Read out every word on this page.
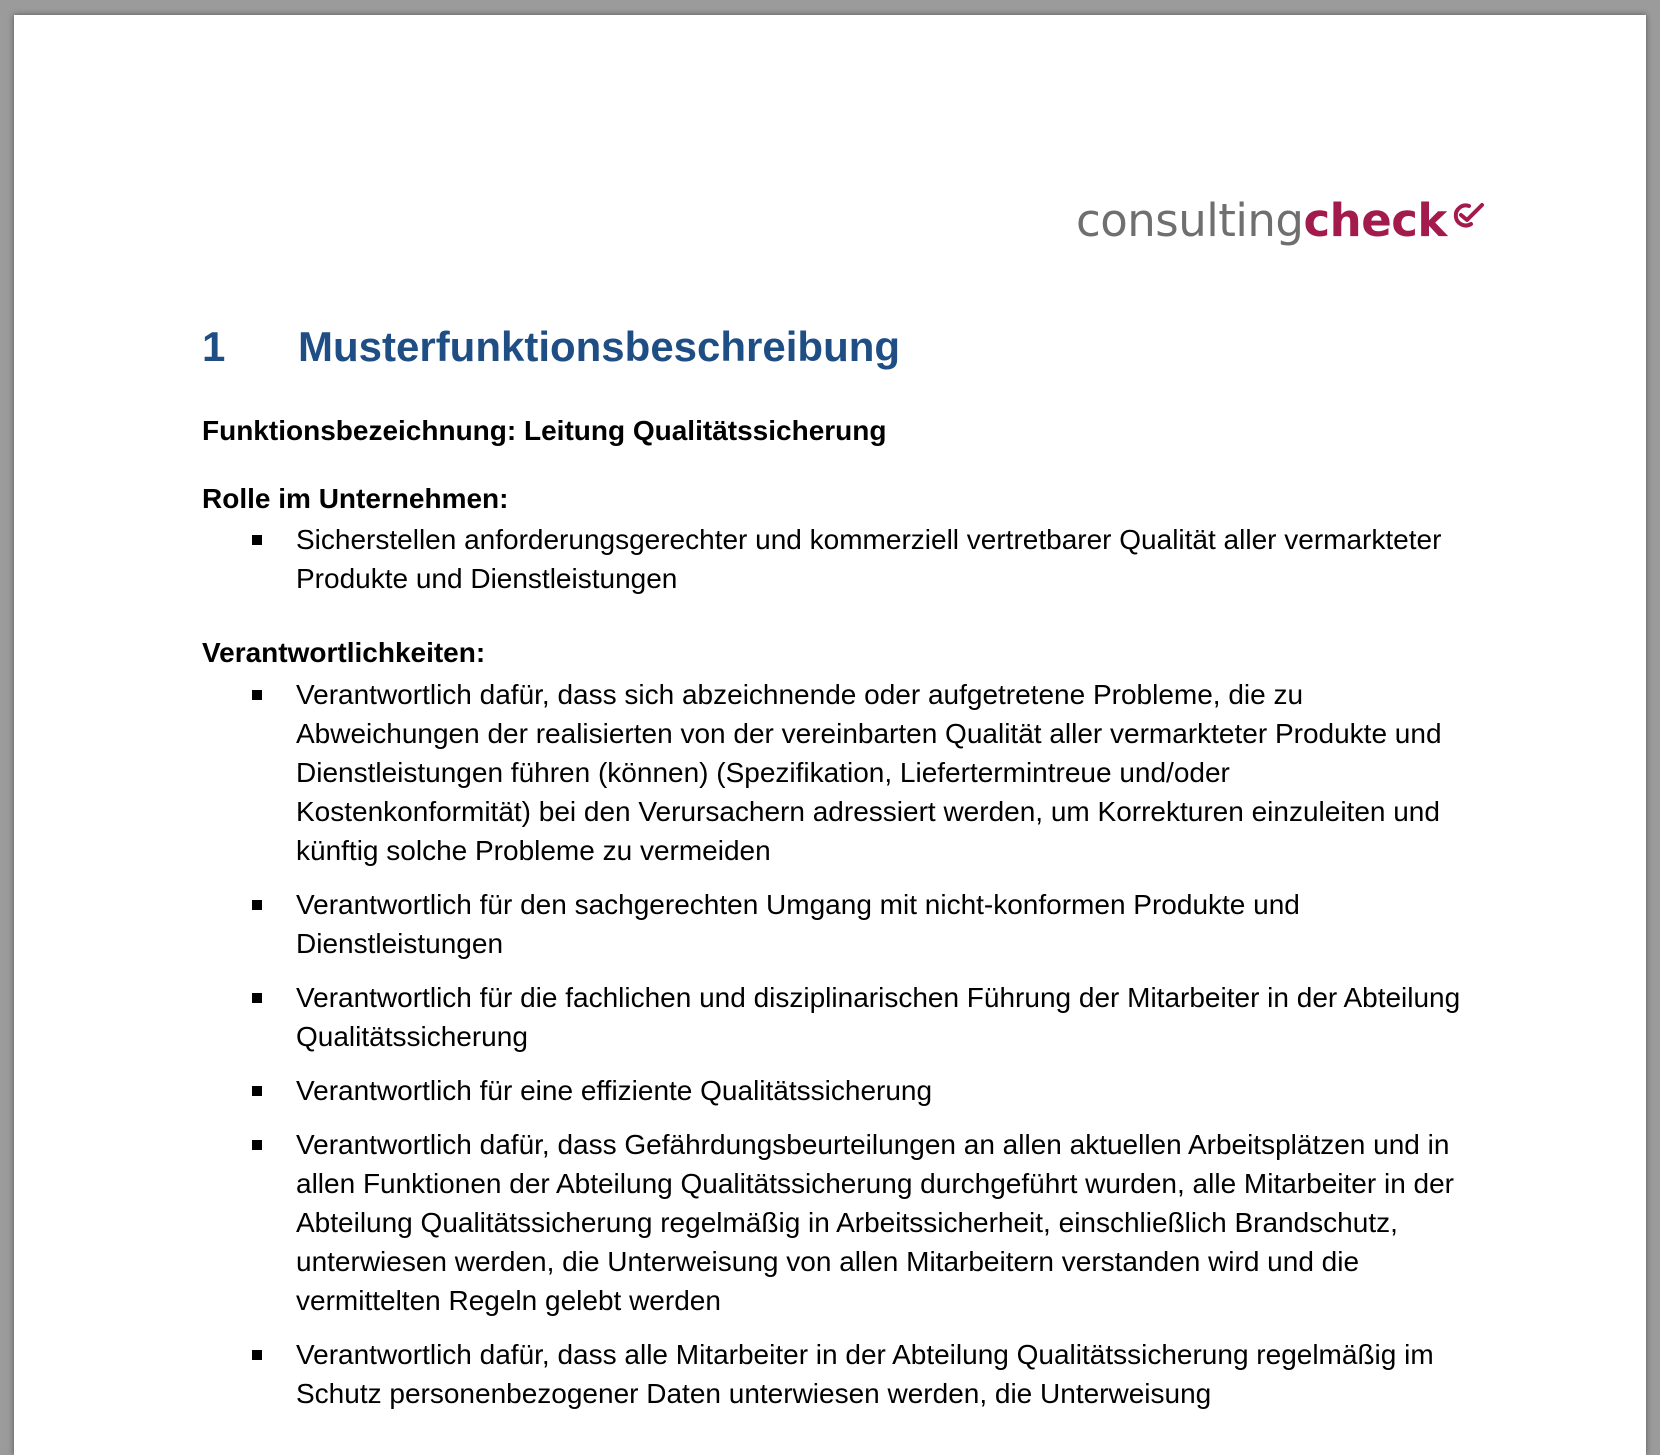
consultingcheck
1 Musterfunktionsbeschreibung
Funktionsbezeichnung: Leitung Qualitätssicherung
Rolle im Unternehmen:
Sicherstellen anforderungsgerechter und kommerziell vertretbarer Qualität aller vermarkteter Produkte und Dienstleistungen
Verantwortlichkeiten:
Verantwortlich dafür, dass sich abzeichnende oder aufgetretene Probleme, die zu Abweichungen der realisierten von der vereinbarten Qualität aller vermarkteter Produkte und Dienstleistungen führen (können) (Spezifikation, Liefertermintreue und/oder Kostenkonformität) bei den Verursachern adressiert werden, um Korrekturen einzuleiten und künftig solche Probleme zu vermeiden
Verantwortlich für den sachgerechten Umgang mit nicht-konformen Produkte und Dienstleistungen
Verantwortlich für die fachlichen und disziplinarischen Führung der Mitarbeiter in der Abteilung Qualitätssicherung
Verantwortlich für eine effiziente Qualitätssicherung
Verantwortlich dafür, dass Gefährdungsbeurteilungen an allen aktuellen Arbeitsplätzen und in allen Funktionen der Abteilung Qualitätssicherung durchgeführt wurden, alle Mitarbeiter in der Abteilung Qualitätssicherung regelmäßig in Arbeitssicherheit, einschließlich Brandschutz, unterwiesen werden, die Unterweisung von allen Mitarbeitern verstanden wird und die vermittelten Regeln gelebt werden
Verantwortlich dafür, dass alle Mitarbeiter in der Abteilung Qualitätssicherung regelmäßig im Schutz personenbezogener Daten unterwiesen werden, die Unterweisung
